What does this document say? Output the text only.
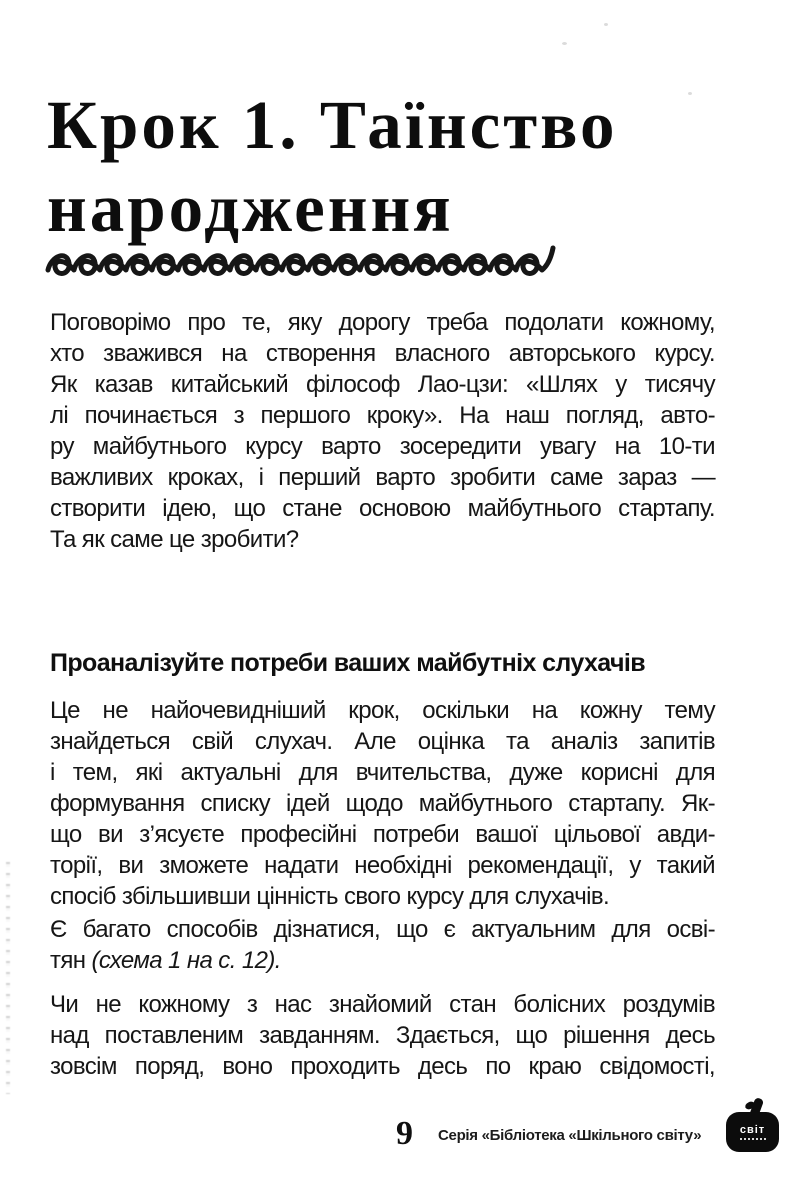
Крок 1. Таїнство
народження
Поговорімо про те, яку дорогу треба подолати кожному,
хто зважився на створення власного авторського курсу.
Як казав китайський філософ Лао-цзи: «Шлях у тисячу
лі починається з першого кроку». На наш погляд, авто-
ру майбутнього курсу варто зосередити увагу на 10-ти
важливих кроках, і перший варто зробити саме зараз —
створити ідею, що стане основою майбутнього стартапу.
Та як саме це зробити?
Проаналізуйте потреби ваших майбутніх слухачів
Це не найочевидніший крок, оскільки на кожну тему
знайдеться свій слухач. Але оцінка та аналіз запитів
і тем, які актуальні для вчительства, дуже корисні для
формування списку ідей щодо майбутнього стартапу. Як-
що ви з’ясуєте професійні потреби вашої цільової авди-
торії, ви зможете надати необхідні рекомендації, у такий
спосіб збільшивши цінність свого курсу для слухачів.
Є багато способів дізнатися, що є актуальним для осві-
тян (схема 1 на с. 12).
Чи не кожному з нас знайомий стан болісних роздумів
над поставленим завданням. Здається, що рішення десь
зовсім поряд, воно проходить десь по краю свідомості,
9 Серія «Бібліотека «Шкільного світу»	світ
